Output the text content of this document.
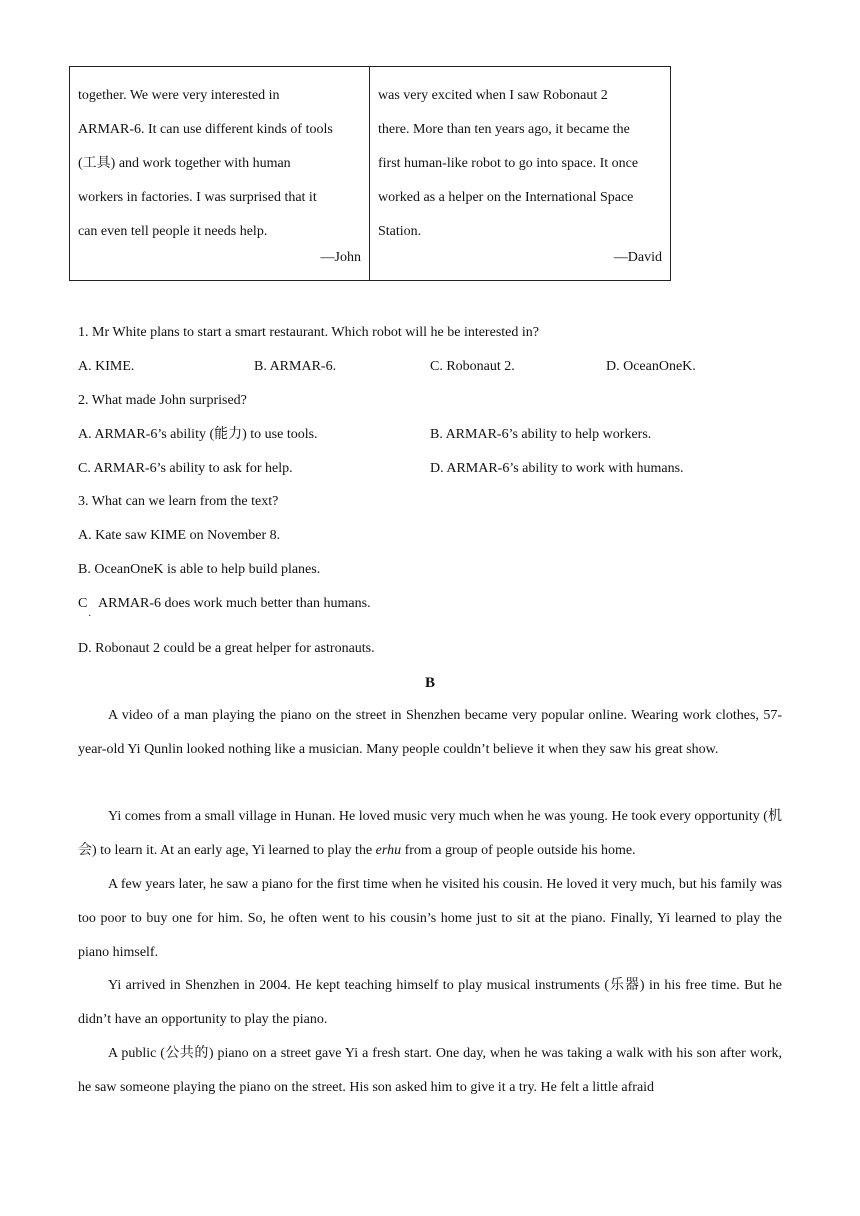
together. We were very interested in
ARMAR-6. It can use different kinds of tools
(工具) and work together with human
workers in factories. I was surprised that it
can even tell people it needs help.
—John
was very excited when I saw Robonaut 2
there. More than ten years ago, it became the
first human-like robot to go into space. It once
worked as a helper on the International Space
Station.
—David
1. Mr White plans to start a smart restaurant. Which robot will he be interested in?
A. KIME.	B. ARMAR-6.	C. Robonaut 2.	D. OceanOneK.
2. What made John surprised?
A. ARMAR-6’s ability (能力) to use tools.	B. ARMAR-6’s ability to help workers.
C. ARMAR-6’s ability to ask for help.	D. ARMAR-6’s ability to work with humans.
3. What can we learn from the text?
A. Kate saw KIME on November 8.
B. OceanOneK is able to help build planes.
C ARMAR-6 does work much better than humans.
·
D. Robonaut 2 could be a great helper for astronauts.
B
A video of a man playing the piano on the street in Shenzhen became very popular online. Wearing work clothes, 57-year-old Yi Qunlin looked nothing like a musician. Many people couldn’t believe it when they saw his great show.
Yi comes from a small village in Hunan. He loved music very much when he was young. He took every opportunity (机会) to learn it. At an early age, Yi learned to play the erhu from a group of people outside his home.
A few years later, he saw a piano for the first time when he visited his cousin. He loved it very much, but his family was too poor to buy one for him. So, he often went to his cousin’s home just to sit at the piano. Finally, Yi learned to play the piano himself.
Yi arrived in Shenzhen in 2004. He kept teaching himself to play musical instruments (乐器) in his free time. But he didn’t have an opportunity to play the piano.
A public (公共的) piano on a street gave Yi a fresh start. One day, when he was taking a walk with his son after work, he saw someone playing the piano on the street. His son asked him to give it a try. He felt a little afraid
